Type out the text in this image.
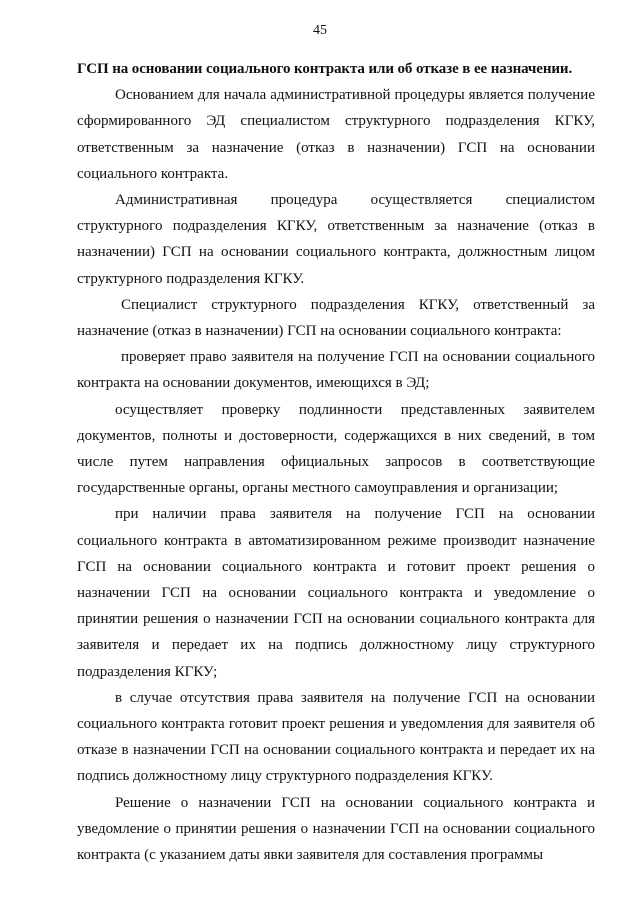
45

ГСП на основании социального контракта или об отказе в ее назначении.

Основанием для начала административной процедуры является получение сформированного ЭД специалистом структурного подразделения КГКУ, ответственным за назначение (отказ в назначении) ГСП на основании социального контракта.

Административная процедура осуществляется специалистом структурного подразделения КГКУ, ответственным за назначение (отказ в назначении) ГСП на основании социального контракта, должностным лицом структурного подразделения КГКУ.

Специалист структурного подразделения КГКУ, ответственный за назначение (отказ в назначении) ГСП на основании социального контракта:

проверяет право заявителя на получение ГСП на основании социального контракта на основании документов, имеющихся в ЭД;

осуществляет проверку подлинности представленных заявителем документов, полноты и достоверности, содержащихся в них сведений, в том числе путем направления официальных запросов в соответствующие государственные органы, органы местного самоуправления и организации;

при наличии права заявителя на получение ГСП на основании социального контракта в автоматизированном режиме производит назначение ГСП на основании социального контракта и готовит проект решения о назначении ГСП на основании социального контракта и уведомление о принятии решения о назначении ГСП на основании социального контракта для заявителя и передает их на подпись должностному лицу структурного подразделения КГКУ;

в случае отсутствия права заявителя на получение ГСП на основании социального контракта готовит проект решения и уведомления для заявителя об отказе в назначении ГСП на основании социального контракта и передает их на подпись должностному лицу структурного подразделения КГКУ.

Решение о назначении ГСП на основании социального контракта и уведомление о принятии решения о назначении ГСП на основании социального контракта (с указанием даты явки заявителя для составления программы
